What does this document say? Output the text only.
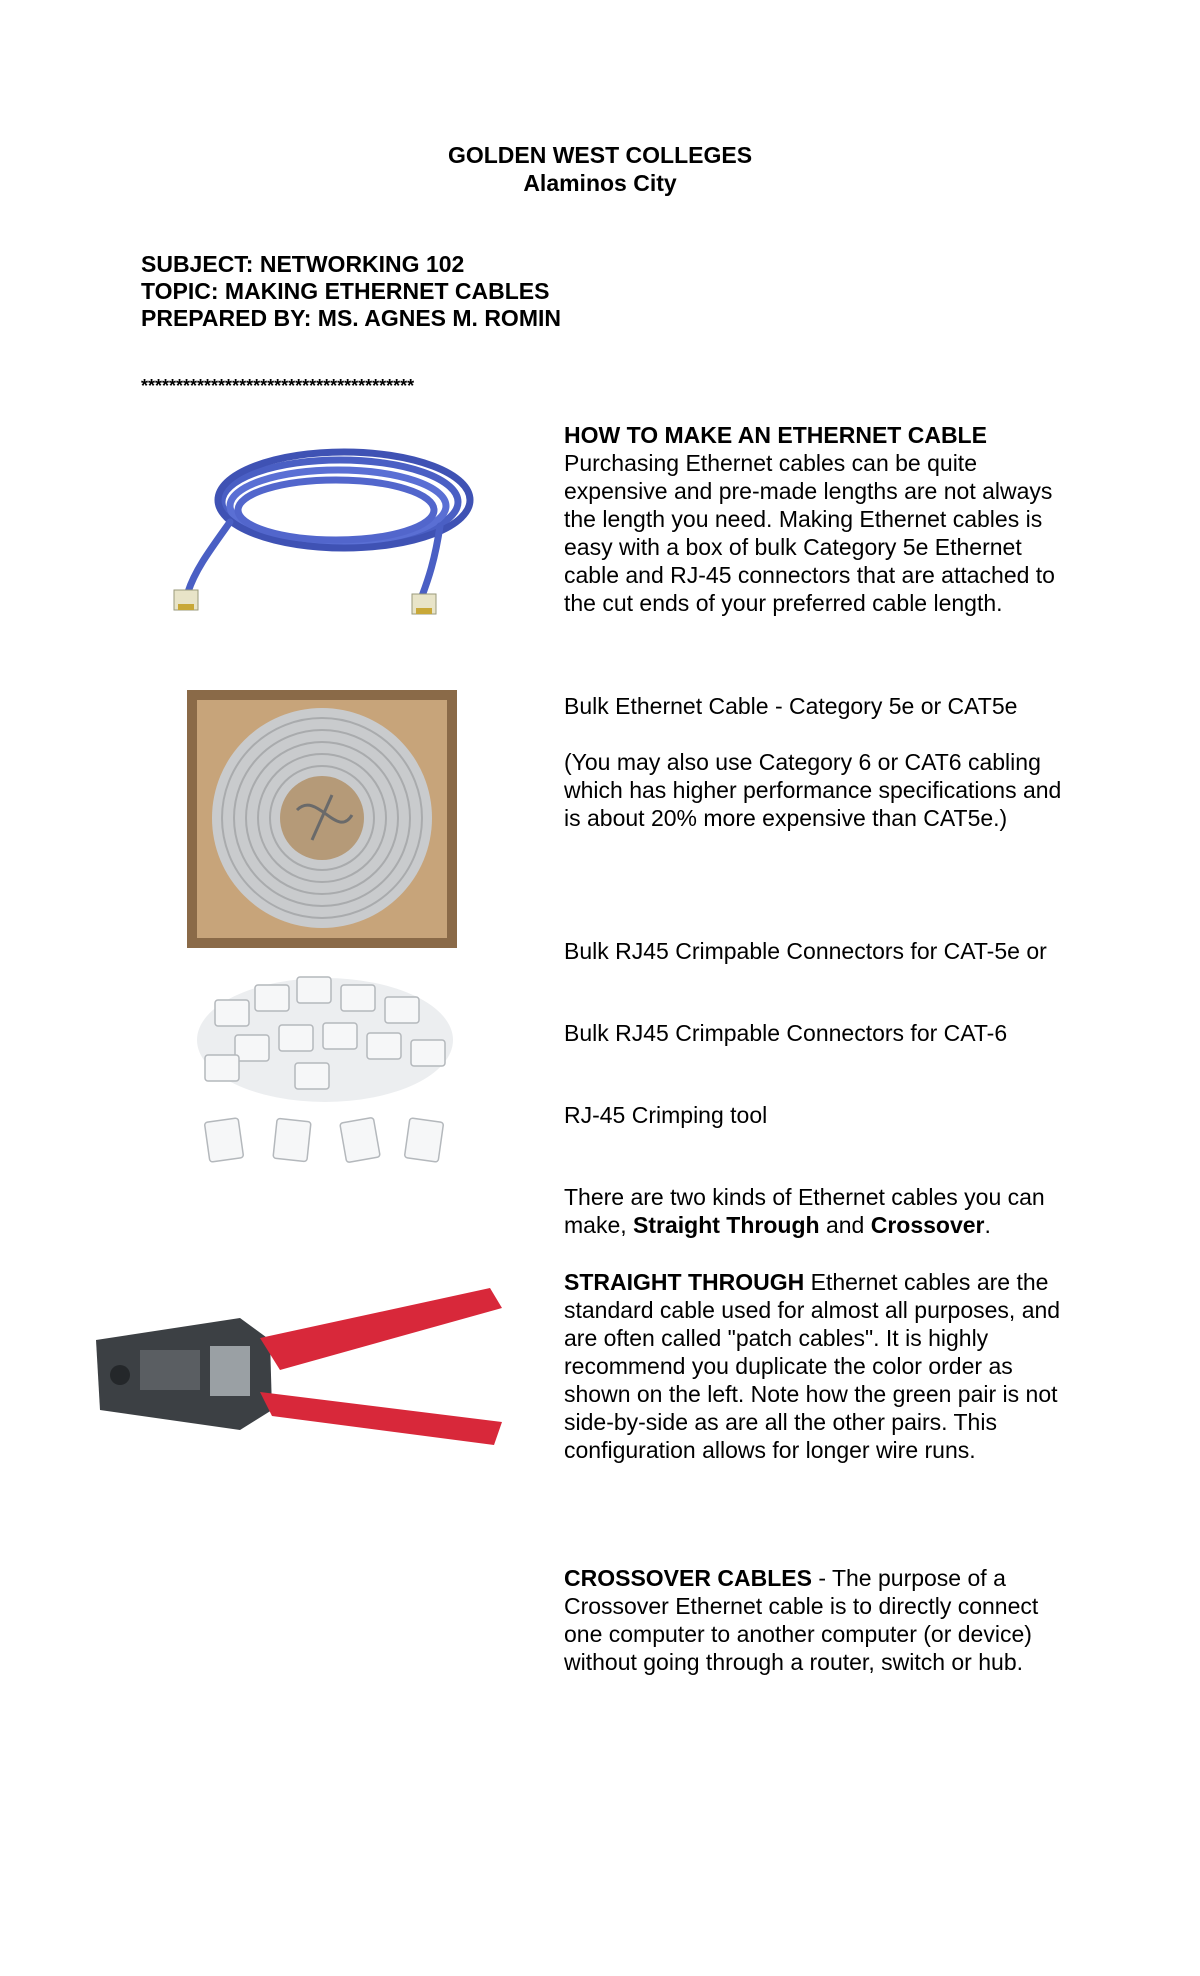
GOLDEN WEST COLLEGES
Alaminos City
SUBJECT: NETWORKING 102
TOPIC: MAKING ETHERNET CABLES
PREPARED BY: MS. AGNES M. ROMIN
***************************************

HOW TO MAKE AN ETHERNET CABLE

Purchasing Ethernet cables can be quite expensive and pre-made lengths are not always the length you need. Making Ethernet cables is easy with a box of bulk Category 5e Ethernet cable and RJ-45 connectors that are attached to the cut ends of your preferred cable length.

Bulk Ethernet Cable - Category 5e or CAT5e
(You may also use Category 6 or CAT6 cabling which has higher performance specifications and is about 20% more expensive than CAT5e.)
Bulk RJ45 Crimpable Connectors for CAT-5e or
Bulk RJ45 Crimpable Connectors for CAT-6
RJ-45 Crimping tool
There are two kinds of Ethernet cables you can make, Straight Through and Crossover.
STRAIGHT THROUGH Ethernet cables are the standard cable used for almost all purposes, and are often called "patch cables". It is highly recommend you duplicate the color order as shown on the left. Note how the green pair is not side-by-side as are all the other pairs. This configuration allows for longer wire runs.
CROSSOVER CABLES - The purpose of a Crossover Ethernet cable is to directly connect one computer to another computer (or device) without going through a router, switch or hub.
